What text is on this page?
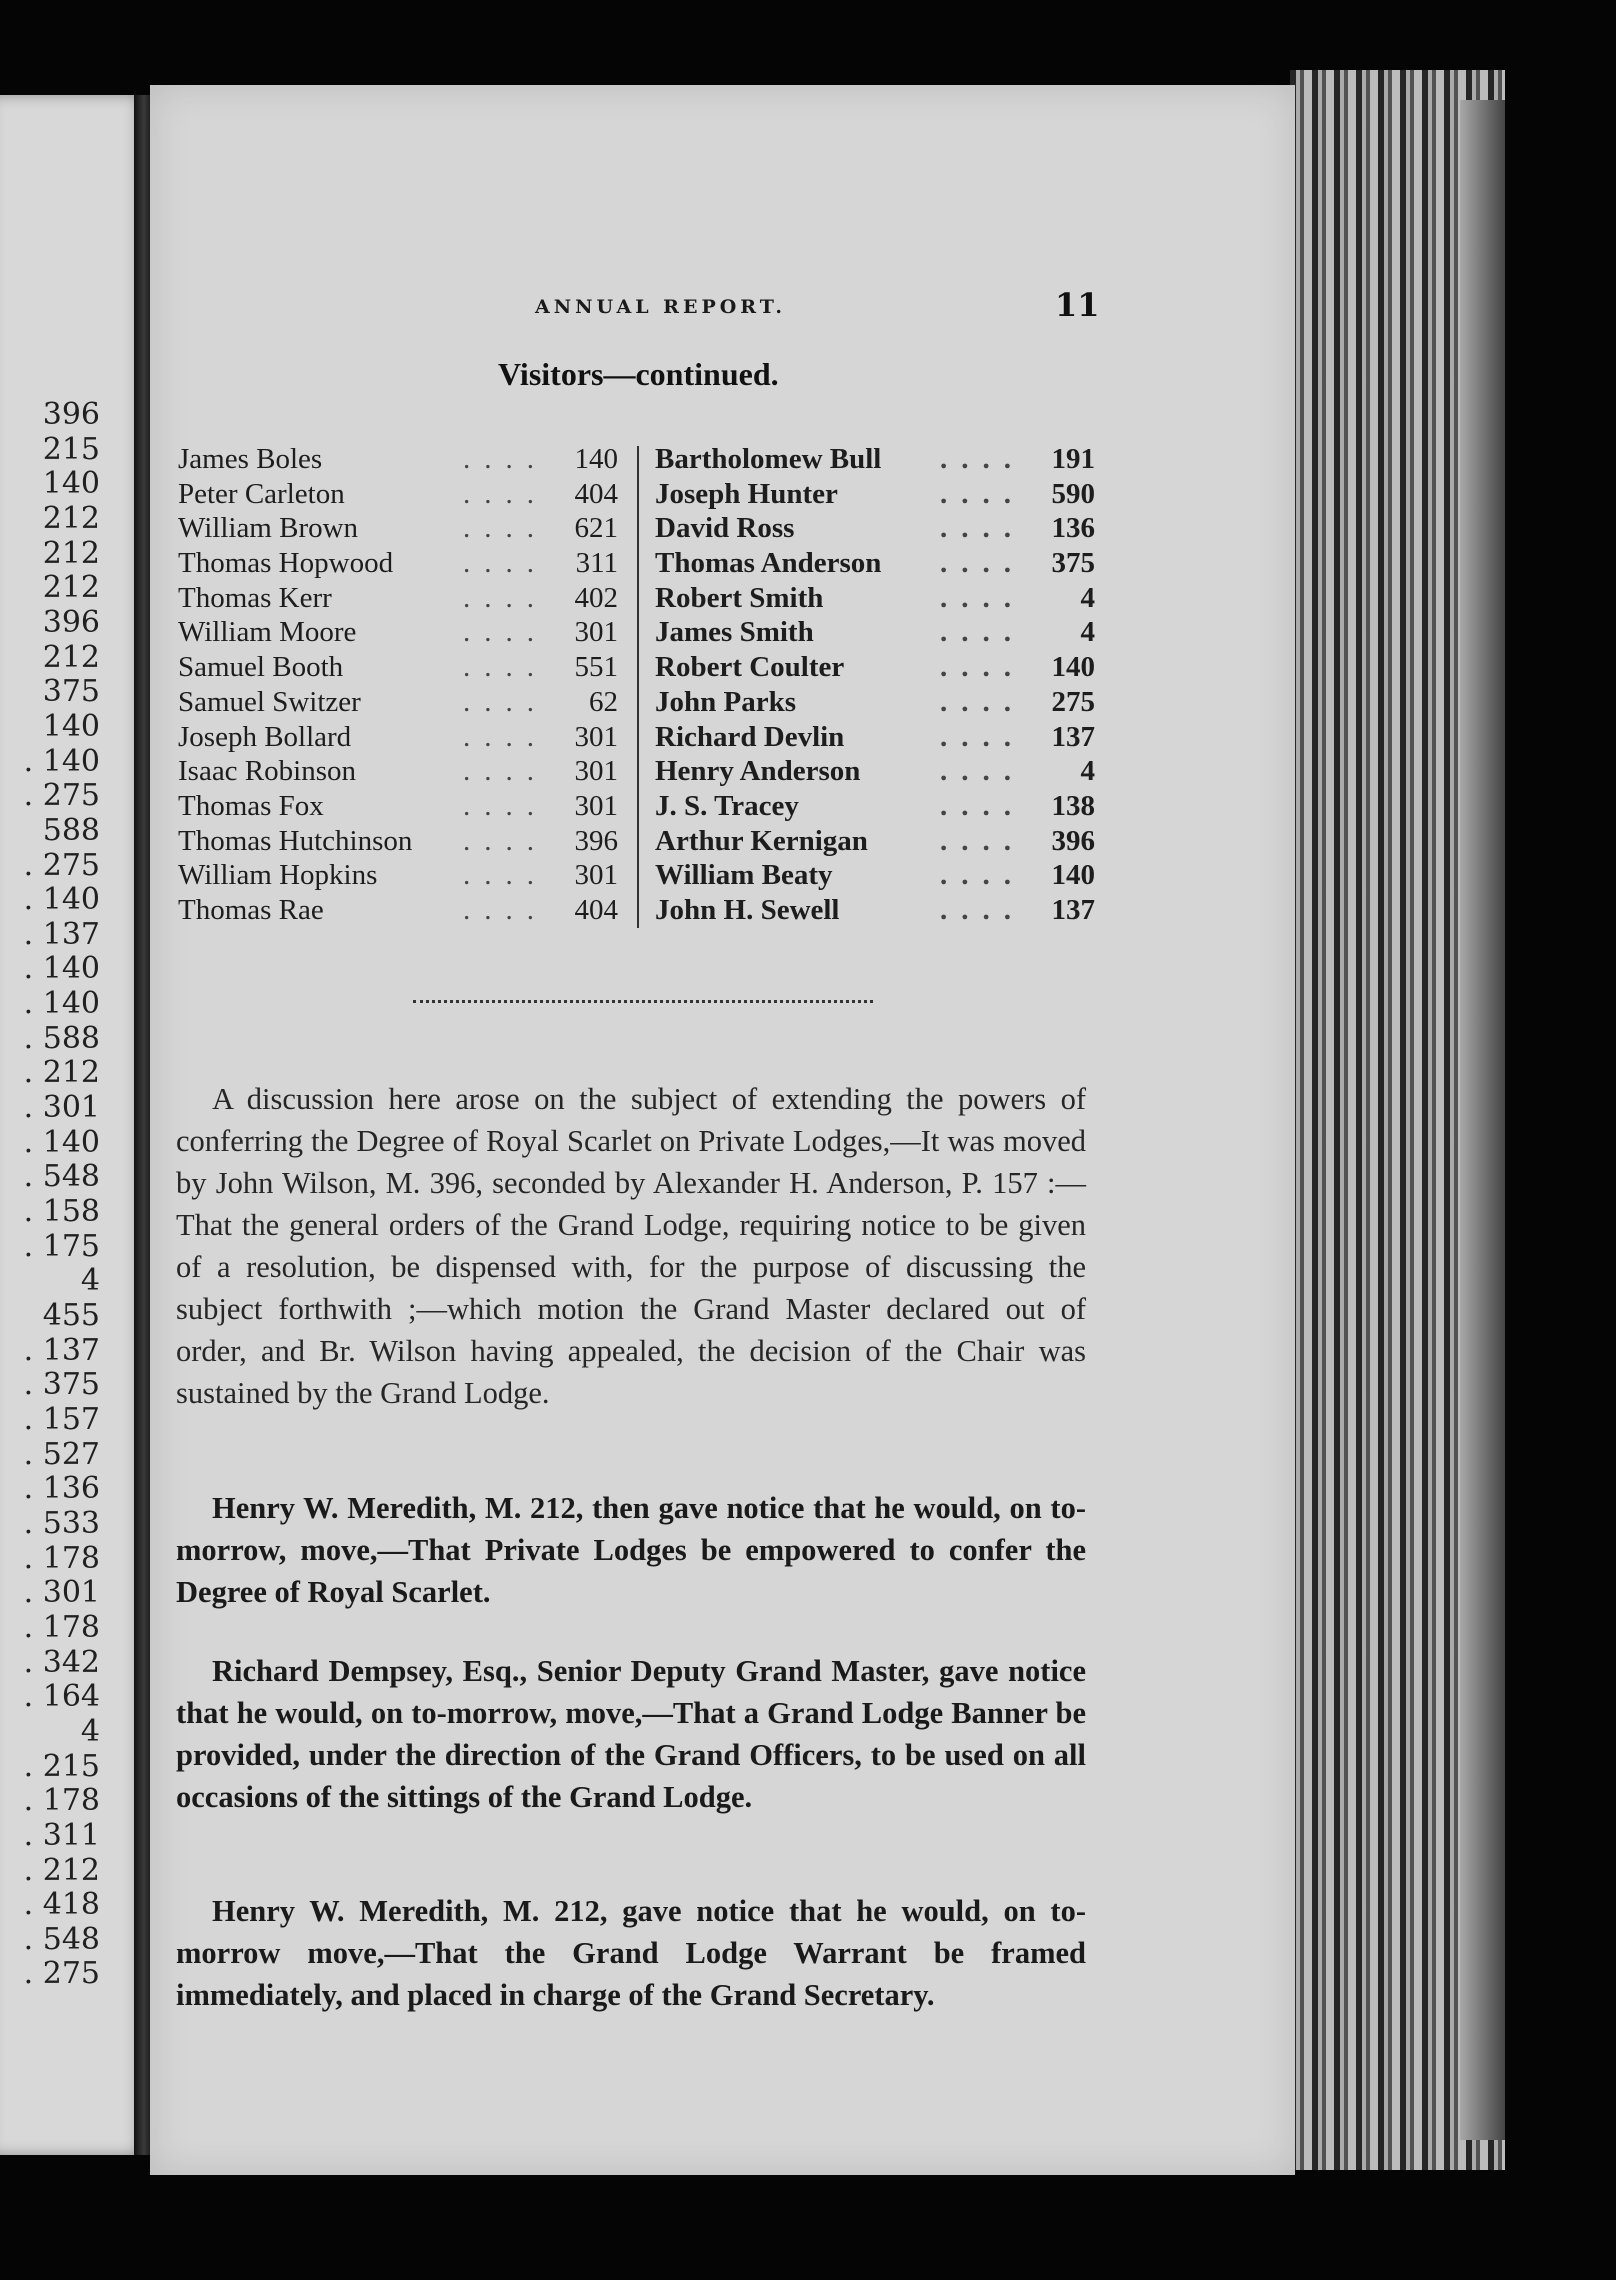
396
215
140
212
212
212
396
212
375
140
. 140
. 275
588
. 275
. 140
. 137
. 140
. 140
. 588
. 212
. 301
. 140
. 548
. 158
. 175
4
455
. 137
. 375
. 157
. 527
. 136
. 533
. 178
. 301
. 178
. 342
. 164
4
. 215
. 178
. 311
. 212
. 418
. 548
. 275
ANNUAL REPORT.	11
Visitors—continued.
....
James Boles	140
....
Peter Carleton	404
....
William Brown	621
....
Thomas Hopwood	311
....
Thomas Kerr	402
....
William Moore	301
....
Samuel Booth	551
....
Samuel Switzer	62
....
Joseph Bollard	301
....
Isaac Robinson	301
....
Thomas Fox	301
....
Thomas Hutchinson	396
....
William Hopkins	301
....
Thomas Rae	404
....
Bartholomew Bull	191
....
Joseph Hunter	590
....
David Ross	136
....
Thomas Anderson	375
....
Robert Smith	4
....
James Smith	4
....
Robert Coulter	140
....
John Parks	275
....
Richard Devlin	137
....
Henry Anderson	4
....
J. S. Tracey	138
....
Arthur Kernigan	396
....
William Beaty	140
....
John H. Sewell	137
A discussion here arose on the subject of extending the powers of conferring the Degree of Royal Scarlet on Private Lodges,—It was moved by John Wilson, M. 396, seconded by Alexander H. Anderson, P. 157 :—That the general orders of the Grand Lodge, requiring notice to be given of a resolution, be dispensed with, for the purpose of discussing the subject forthwith ;—which motion the Grand Master declared out of order, and Br. Wilson having appealed, the decision of the Chair was sustained by the Grand Lodge.
Henry W. Meredith, M. 212, then gave notice that he would, on to-morrow, move,—That Private Lodges be empowered to confer the Degree of Royal Scarlet.
Richard Dempsey, Esq., Senior Deputy Grand Master, gave notice that he would, on to-morrow, move,—That a Grand Lodge Banner be provided, under the direction of the Grand Officers, to be used on all occasions of the sittings of the Grand Lodge.
Henry W. Meredith, M. 212, gave notice that he would, on to-morrow move,—That the Grand Lodge Warrant be framed immediately, and placed in charge of the Grand Secretary.
